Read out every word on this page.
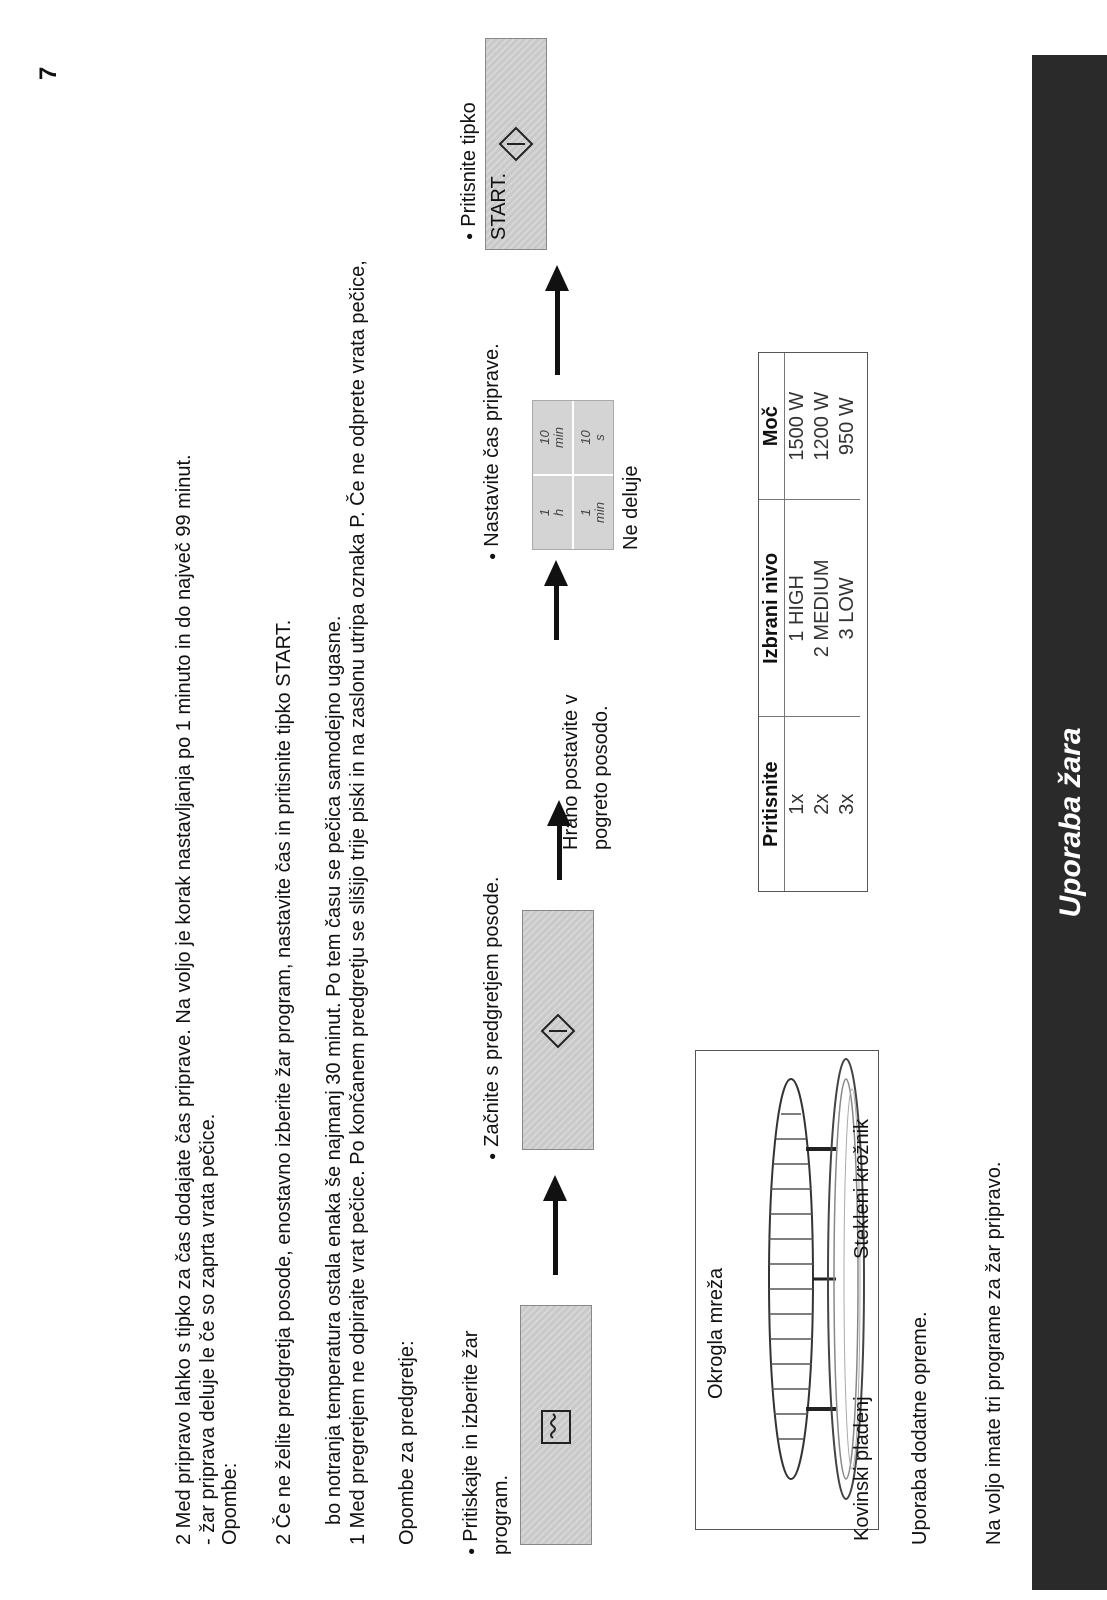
Uporaba žara
7
Na voljo imate tri programe za žar pripravo.
Uporaba dodatne opreme.
Okrogla mreža
Kovinski pladenj
Stekleni krožnik
Pritisnite	Izbrani nivo	Moč
1x	1 HIGH	1500 W
2x	2 MEDIUM	1200 W
3x	3 LOW	950 W
Hrano postavite v pogreto posodo.
Ne deluje
1 h
10 min
1 min
10 s
● Pritiskajte in izberite žar program.
● Začnite s predgretjem posode.
● Nastavite čas priprave.
● Pritisnite tipko START.
Opombe za predgretje:
1 Med pregretjem ne odpirajte vrat pečice. Po končanem predgretju se slišijo trije piski in na zaslonu utripa oznaka P. Če ne odprete vrata pečice,
bo notranja temperatura ostala enaka še najmanj 30 minut. Po tem času se pečica samodejno ugasne.
2 Če ne želite predgretja posode, enostavno izberite žar program, nastavite čas in pritisnite tipko START.
Opombe:
- žar priprava deluje le če so zaprta vrata pečice.
2 Med pripravo lahko s tipko za čas dodajate čas priprave. Na voljo je korak nastavljanja po 1 minuto in do največ 99 minut.
